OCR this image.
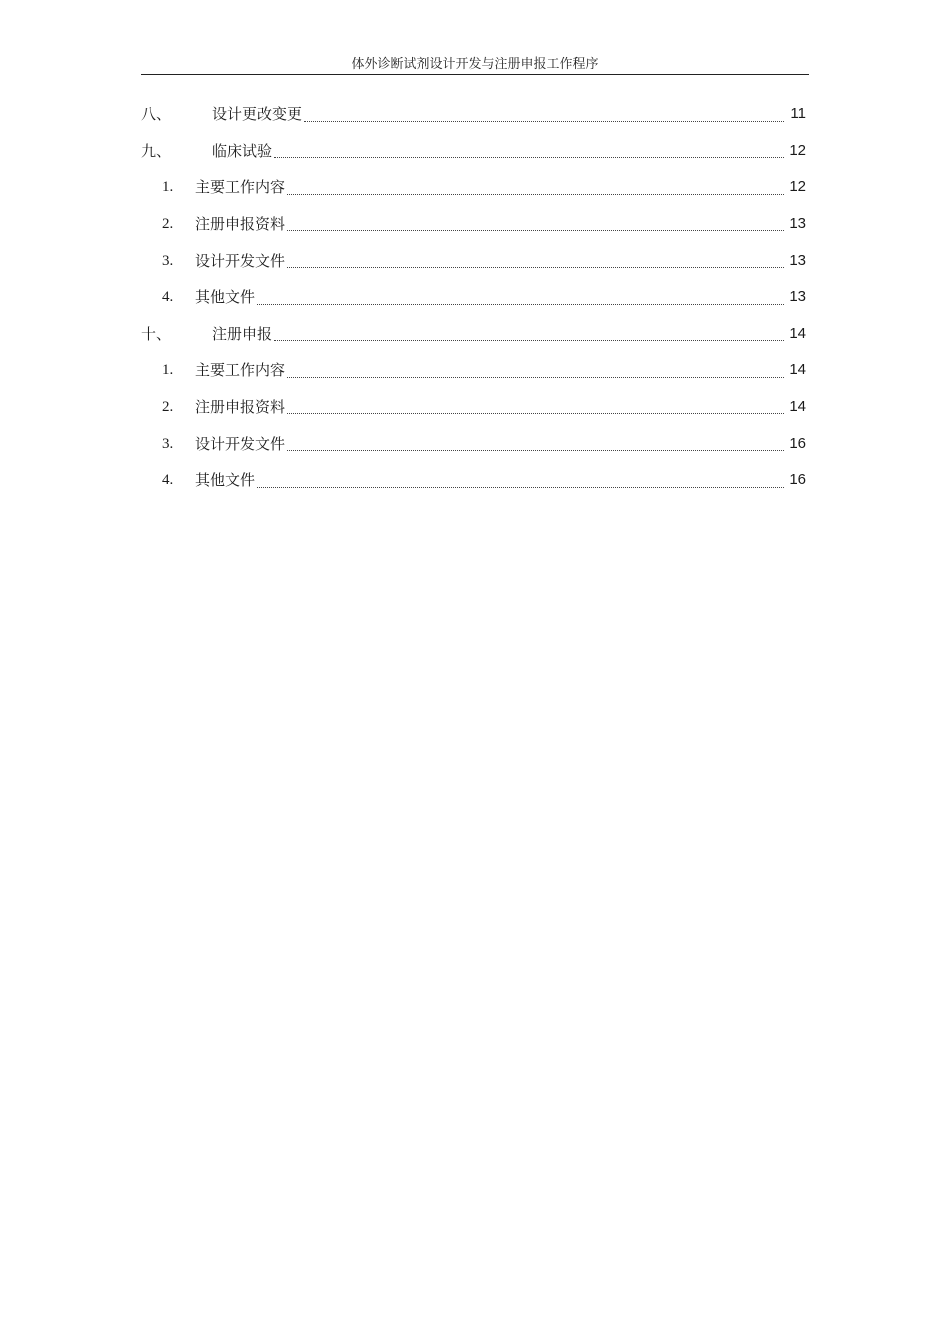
体外诊断试剂设计开发与注册申报工作程序
八、	设计更改变更	11
九、	临床试验	12
1.	主要工作内容	12
2.	注册申报资料	13
3.	设计开发文件	13
4.	其他文件	13
十、	注册申报	14
1.	主要工作内容	14
2.	注册申报资料	14
3.	设计开发文件	16
4.	其他文件	16
